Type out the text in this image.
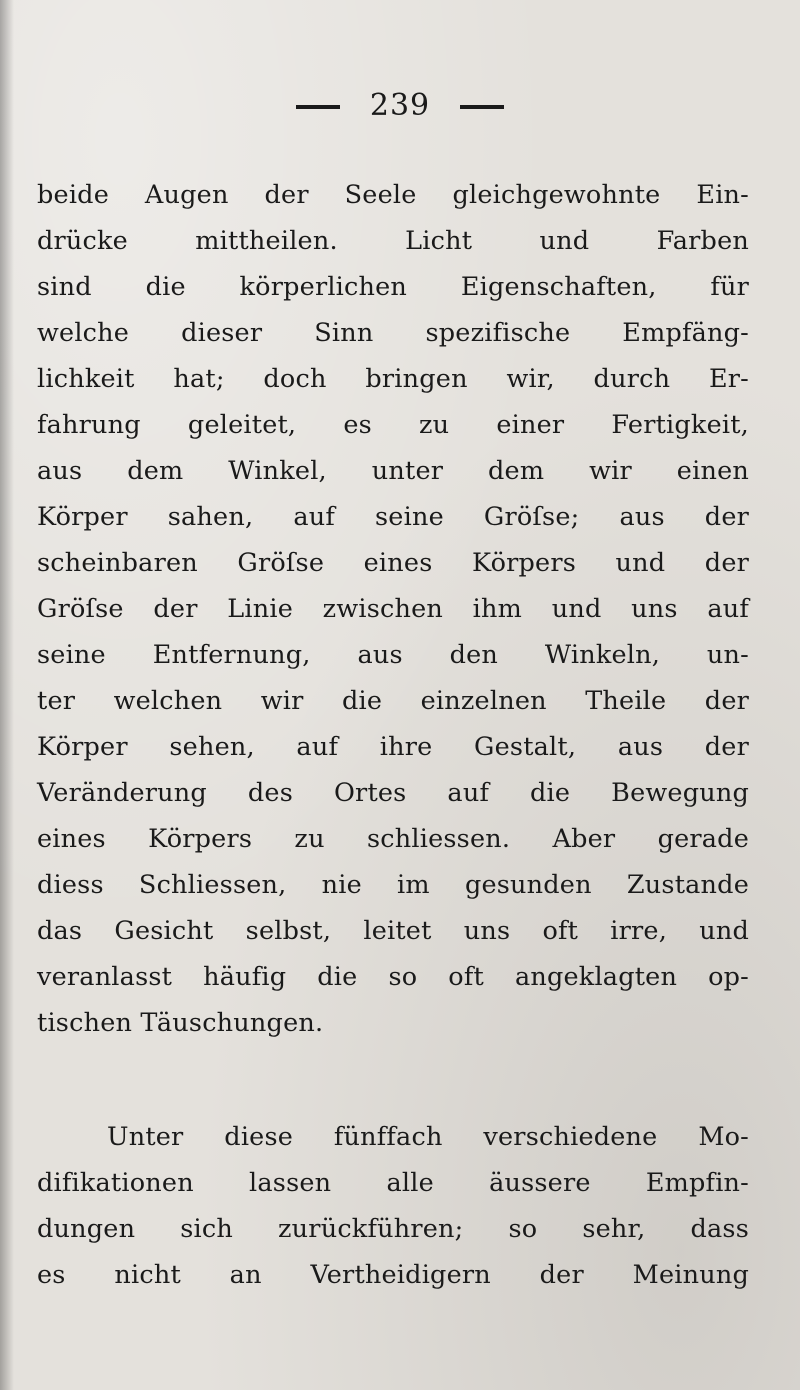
239
beide Augen der Seele gleichgewohnte Ein-
drücke mittheilen. Licht und Farben
sind die körperlichen Eigenschaften, für
welche dieser Sinn spezifische Empfäng-
lichkeit hat; doch bringen wir, durch Er-
fahrung geleitet, es zu einer Fertigkeit,
aus dem Winkel, unter dem wir einen
Körper sahen, auf seine Gröſse; aus der
scheinbaren Gröſse eines Körpers und der
Gröſse der Linie zwischen ihm und uns auf
seine Entfernung, aus den Winkeln, un-
ter welchen wir die einzelnen Theile der
Körper sehen, auf ihre Gestalt, aus der
Veränderung des Ortes auf die Bewegung
eines Körpers zu schliessen. Aber gerade
diess Schliessen, nie im gesunden Zustande
das Gesicht selbst, leitet uns oft irre, und
veranlasst häufig die so oft angeklagten op-
tischen Täuschungen.
Unter diese fünffach verschiedene Mo-
difikationen lassen alle äussere Empfin-
dungen sich zurückführen; so sehr, dass
es nicht an Vertheidigern der Meinung
